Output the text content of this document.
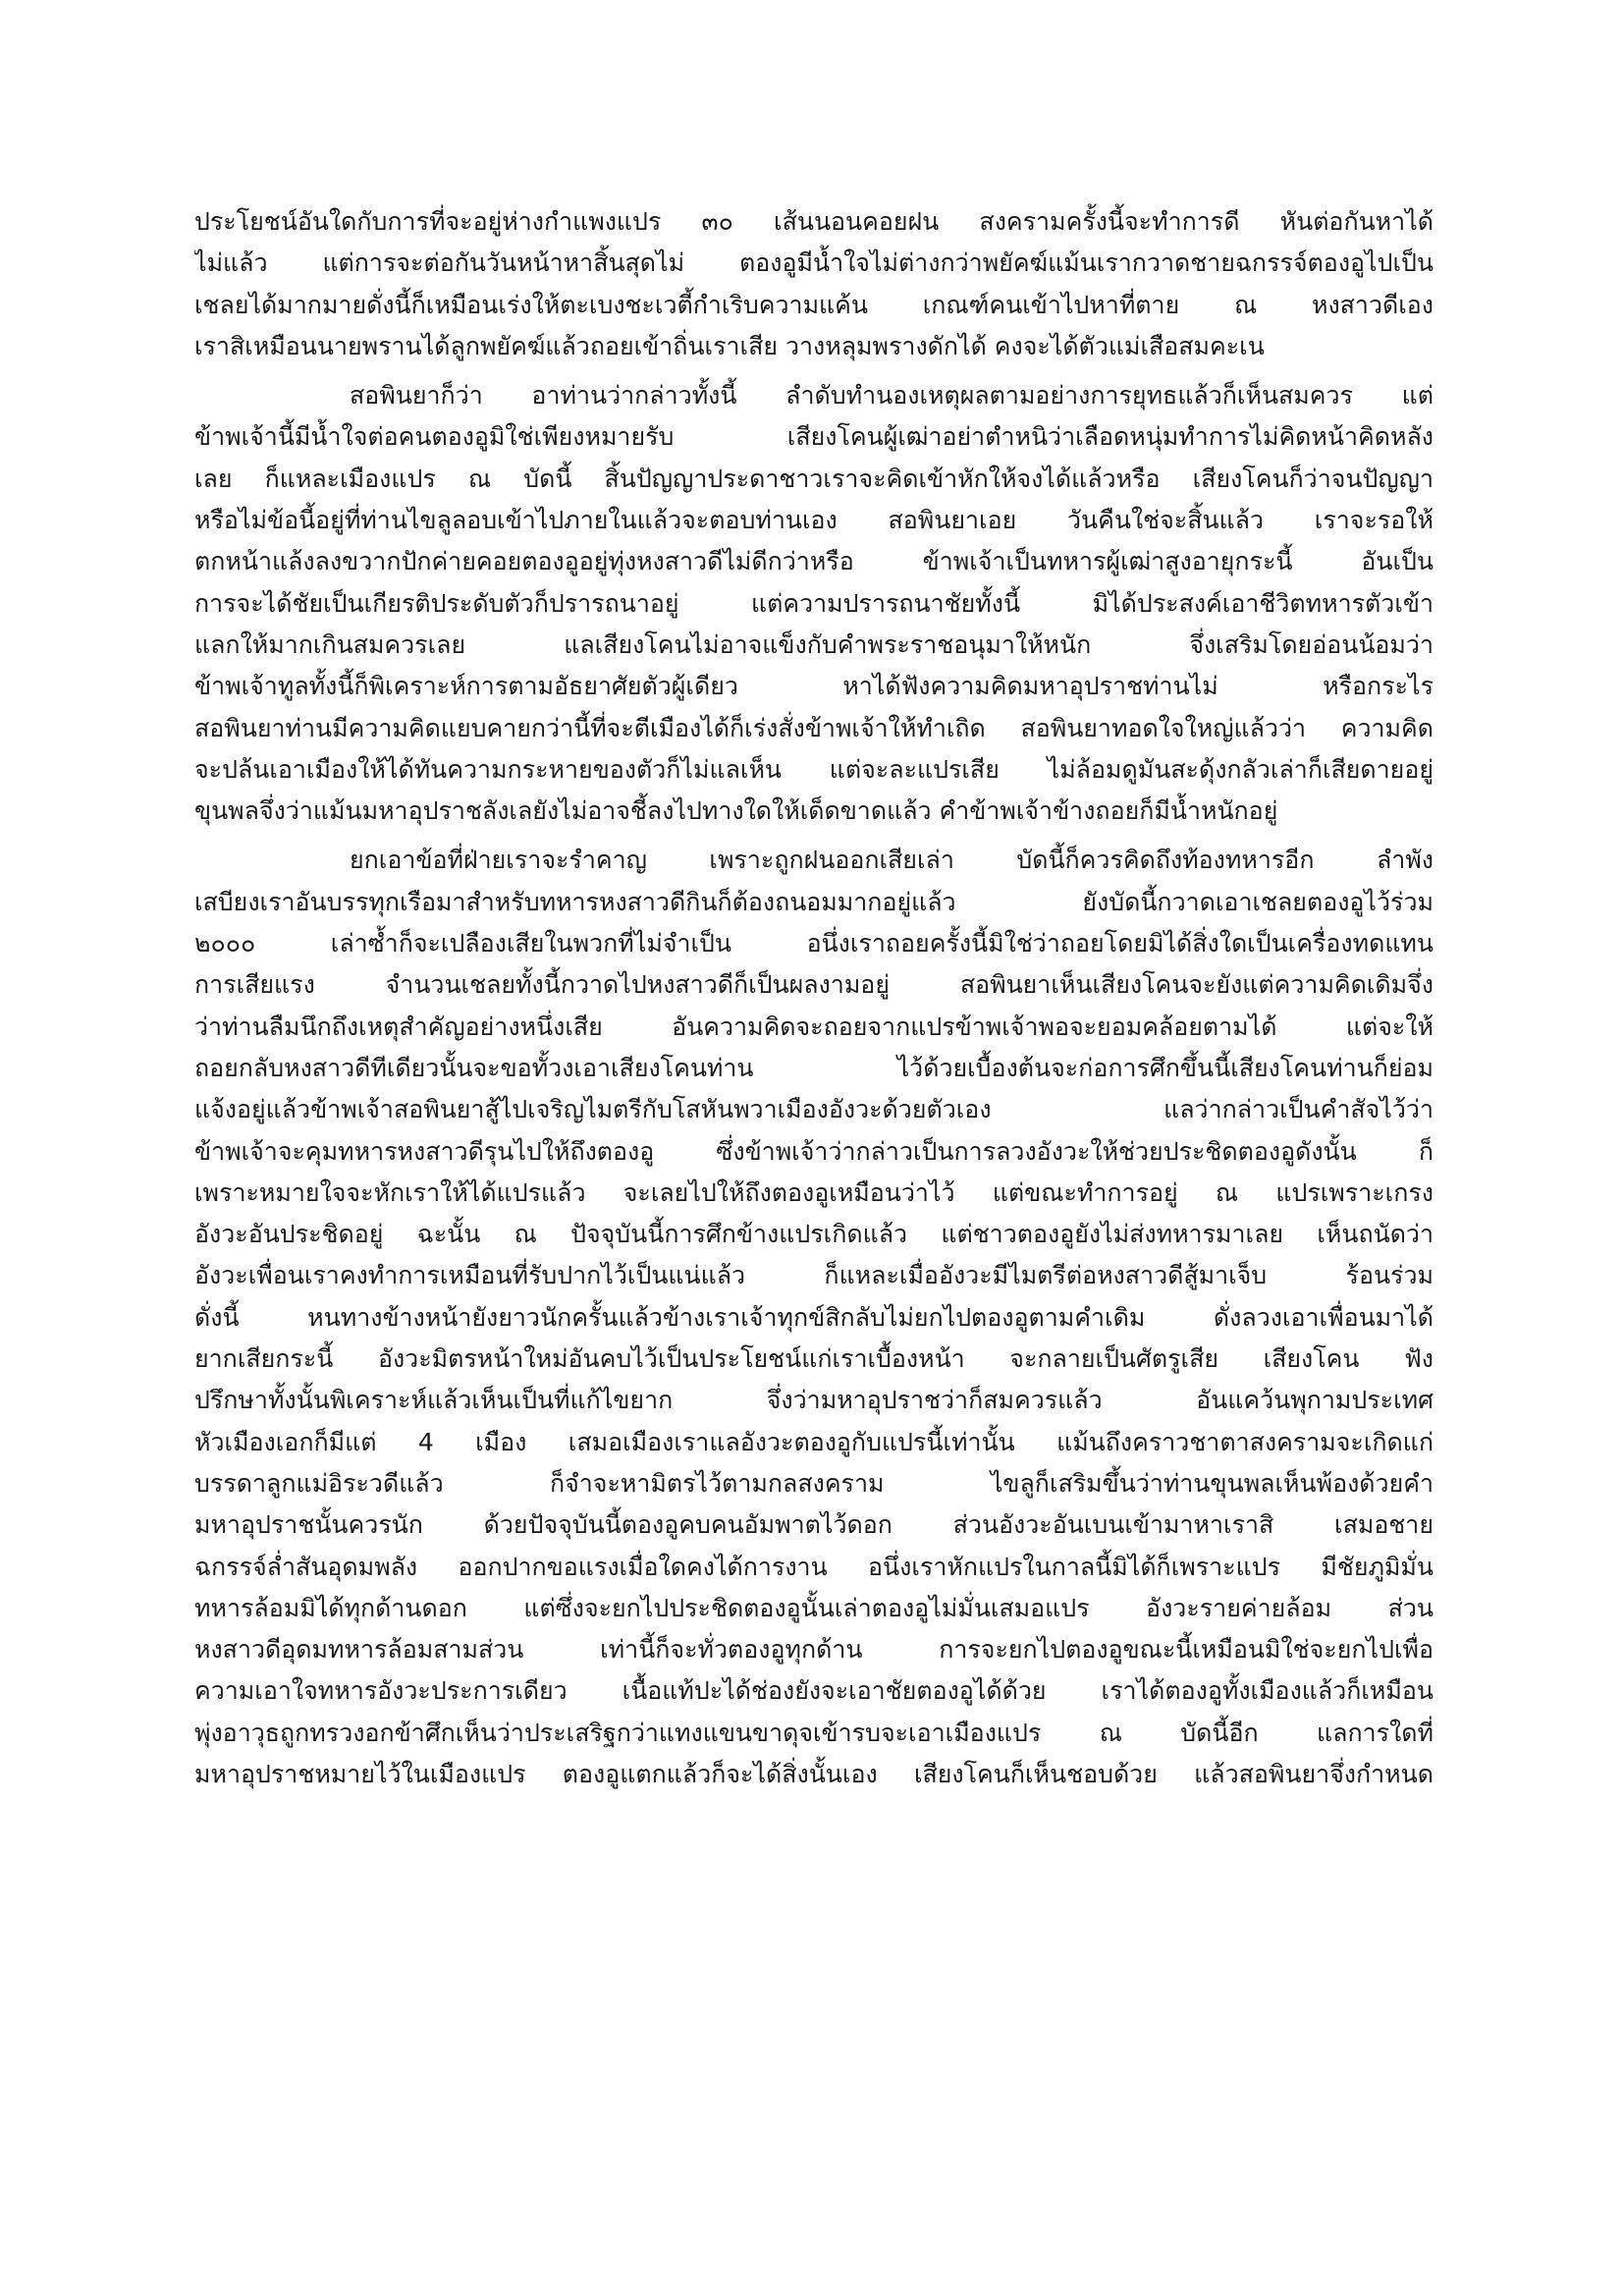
ประโยชน์อันใดกับการที่จะอยู่ห่างกำแพงแปร ๓๐ เส้นนอนคอยฝน สงครามครั้งนี้จะทำการดี หันต่อกันหาได้
ไม่แล้ว แต่การจะต่อกันวันหน้าหาสิ้นสุดไม่ ตองอูมีน้ำใจไม่ต่างกว่าพยัคฆ์แม้นเรากวาดชายฉกรรจ์ตองอูไปเป็น
เชลยได้มากมายดั่งนี้ก็เหมือนเร่งให้ตะเบงชะเวตี้กำเริบความแค้น เกณฑ์คนเข้าไปหาที่ตาย ณ หงสาวดีเอง
เราสิเหมือนนายพรานได้ลูกพยัคฆ์แล้วถอยเข้าถิ่นเราเสีย วางหลุมพรางดักได้ คงจะได้ตัวแม่เสือสมคะเน
สอพินยาก็ว่า อาท่านว่ากล่าวทั้งนี้ ลำดับทำนองเหตุผลตามอย่างการยุทธแล้วก็เห็นสมควร แต่
ข้าพเจ้านี้มีน้ำใจต่อคนตองอูมิใช่เพียงหมายรับ เสียงโคนผู้เฒ่าอย่าตำหนิว่าเลือดหนุ่มทำการไม่คิดหน้าคิดหลัง
เลย ก็แหละเมืองแปร ณ บัดนี้ สิ้นปัญญาประดาชาวเราจะคิดเข้าหักให้จงได้แล้วหรือ เสียงโคนก็ว่าจนปัญญา
หรือไม่ข้อนี้อยู่ที่ท่านไขลูลอบเข้าไปภายในแล้วจะตอบท่านเอง สอพินยาเอย วันคืนใช่จะสิ้นแล้ว เราจะรอให้
ตกหน้าแล้งลงขวากปักค่ายคอยตองอูอยู่ทุ่งหงสาวดีไม่ดีกว่าหรือ ข้าพเจ้าเป็นทหารผู้เฒ่าสูงอายุกระนี้ อันเป็น
การจะได้ชัยเป็นเกียรติประดับตัวก็ปรารถนาอยู่ แต่ความปรารถนาชัยทั้งนี้ มิได้ประสงค์เอาชีวิตทหารตัวเข้า
แลกให้มากเกินสมควรเลย แลเสียงโคนไม่อาจแข็งกับคำพระราชอนุมาให้หนัก จึ่งเสริมโดยอ่อนน้อมว่า
ข้าพเจ้าทูลทั้งนี้ก็พิเคราะห์การตามอัธยาศัยตัวผู้เดียว หาได้ฟังความคิดมหาอุปราชท่านไม่ หรือกระไร
สอพินยาท่านมีความคิดแยบคายกว่านี้ที่จะตีเมืองได้ก็เร่งสั่งข้าพเจ้าให้ทำเถิด สอพินยาทอดใจใหญ่แล้วว่า ความคิด
จะปล้นเอาเมืองให้ได้ทันความกระหายของตัวก็ไม่แลเห็น แต่จะละแปรเสีย ไม่ล้อมดูมันสะดุ้งกลัวเล่าก็เสียดายอยู่
ขุนพลจึ่งว่าแม้นมหาอุปราชลังเลยังไม่อาจชี้ลงไปทางใดให้เด็ดขาดแล้ว คำข้าพเจ้าข้างถอยก็มีน้ำหนักอยู่
ยกเอาข้อที่ฝ่ายเราจะรำคาญ เพราะถูกฝนออกเสียเล่า บัดนี้ก็ควรคิดถึงท้องทหารอีก ลำพัง
เสบียงเราอันบรรทุกเรือมาสำหรับทหารหงสาวดีกินก็ต้องถนอมมากอยู่แล้ว ยังบัดนี้กวาดเอาเชลยตองอูไว้ร่วม
๒๐๐๐ เล่าซ้ำก็จะเปลืองเสียในพวกที่ไม่จำเป็น อนึ่งเราถอยครั้งนี้มิใช่ว่าถอยโดยมิได้สิ่งใดเป็นเครื่องทดแทน
การเสียแรง จำนวนเชลยทั้งนี้กวาดไปหงสาวดีก็เป็นผลงามอยู่ สอพินยาเห็นเสียงโคนจะยังแต่ความคิดเดิมจึ่ง
ว่าท่านลืมนึกถึงเหตุสำคัญอย่างหนึ่งเสีย อันความคิดจะถอยจากแปรข้าพเจ้าพอจะยอมคล้อยตามได้ แต่จะให้
ถอยกลับหงสาวดีทีเดียวนั้นจะขอทั้วงเอาเสียงโคนท่าน ไว้ด้วยเบื้องต้นจะก่อการศึกขึ้นนี้เสียงโคนท่านก็ย่อม
แจ้งอยู่แล้วข้าพเจ้าสอพินยาสู้ไปเจริญไมตรีกับโสหันพวาเมืองอังวะด้วยตัวเอง แลว่ากล่าวเป็นคำสัจไว้ว่า
ข้าพเจ้าจะคุมทหารหงสาวดีรุนไปให้ถึงตองอู ซึ่งข้าพเจ้าว่ากล่าวเป็นการลวงอังวะให้ช่วยประชิดตองอูดังนั้น ก็
เพราะหมายใจจะหักเราให้ได้แปรแล้ว จะเลยไปให้ถึงตองอูเหมือนว่าไว้ แต่ขณะทำการอยู่ ณ แปรเพราะเกรง
อังวะอันประชิดอยู่ ฉะนั้น ณ ปัจจุบันนี้การศึกข้างแปรเกิดแล้ว แต่ชาวตองอูยังไม่ส่งทหารมาเลย เห็นถนัดว่า
อังวะเพื่อนเราคงทำการเหมือนที่รับปากไว้เป็นแน่แล้ว ก็แหละเมื่ออังวะมีไมตรีต่อหงสาวดีสู้มาเจ็บ ร้อนร่วม
ดั่งนี้ หนทางข้างหน้ายังยาวนักครั้นแล้วข้างเราเจ้าทุกข์สิกลับไม่ยกไปตองอูตามคำเดิม ดั่งลวงเอาเพื่อนมาได้
ยากเสียกระนี้ อังวะมิตรหน้าใหม่อันคบไว้เป็นประโยชน์แก่เราเบื้องหน้า จะกลายเป็นศัตรูเสีย เสียงโคน ฟัง
ปรึกษาทั้งนั้นพิเคราะห์แล้วเห็นเป็นที่แก้ไขยาก จึ่งว่ามหาอุปราชว่าก็สมควรแล้ว อันแคว้นพุกามประเทศ
หัวเมืองเอกก็มีแต่ 4 เมือง เสมอเมืองเราแลอังวะตองอูกับแปรนี้เท่านั้น แม้นถึงคราวชาตาสงครามจะเกิดแก่
บรรดาลูกแม่อิระวดีแล้ว ก็จำจะหามิตรไว้ตามกลสงคราม ไขลูก็เสริมขึ้นว่าท่านขุนพลเห็นพ้องด้วยคำ
มหาอุปราชนั้นควรนัก ด้วยปัจจุบันนี้ตองอูคบคนอัมพาตไว้ดอก ส่วนอังวะอันเบนเข้ามาหาเราสิ เสมอชาย
ฉกรรจ์ล่ำสันอุดมพลัง ออกปากขอแรงเมื่อใดคงได้การงาน อนึ่งเราหักแปรในกาลนี้มิได้ก็เพราะแปร มีชัยภูมิมั่น
ทหารล้อมมิได้ทุกด้านดอก แต่ซึ่งจะยกไปประชิดตองอูนั้นเล่าตองอูไม่มั่นเสมอแปร อังวะรายค่ายล้อม ส่วน
หงสาวดีอุดมทหารล้อมสามส่วน เท่านี้ก็จะทั่วตองอูทุกด้าน การจะยกไปตองอูขณะนี้เหมือนมิใช่จะยกไปเพื่อ
ความเอาใจทหารอังวะประการเดียว เนื้อแท้ปะได้ช่องยังจะเอาชัยตองอูได้ด้วย เราได้ตองอูทั้งเมืองแล้วก็เหมือน
พุ่งอาวุธถูกทรวงอกข้าศึกเห็นว่าประเสริฐกว่าแทงแขนขาดุจเข้ารบจะเอาเมืองแปร ณ บัดนี้อีก แลการใดที่
มหาอุปราชหมายไว้ในเมืองแปร ตองอูแตกแล้วก็จะได้สิ่งนั้นเอง เสียงโคนก็เห็นชอบด้วย แล้วสอพินยาจึ่งกำหนด
